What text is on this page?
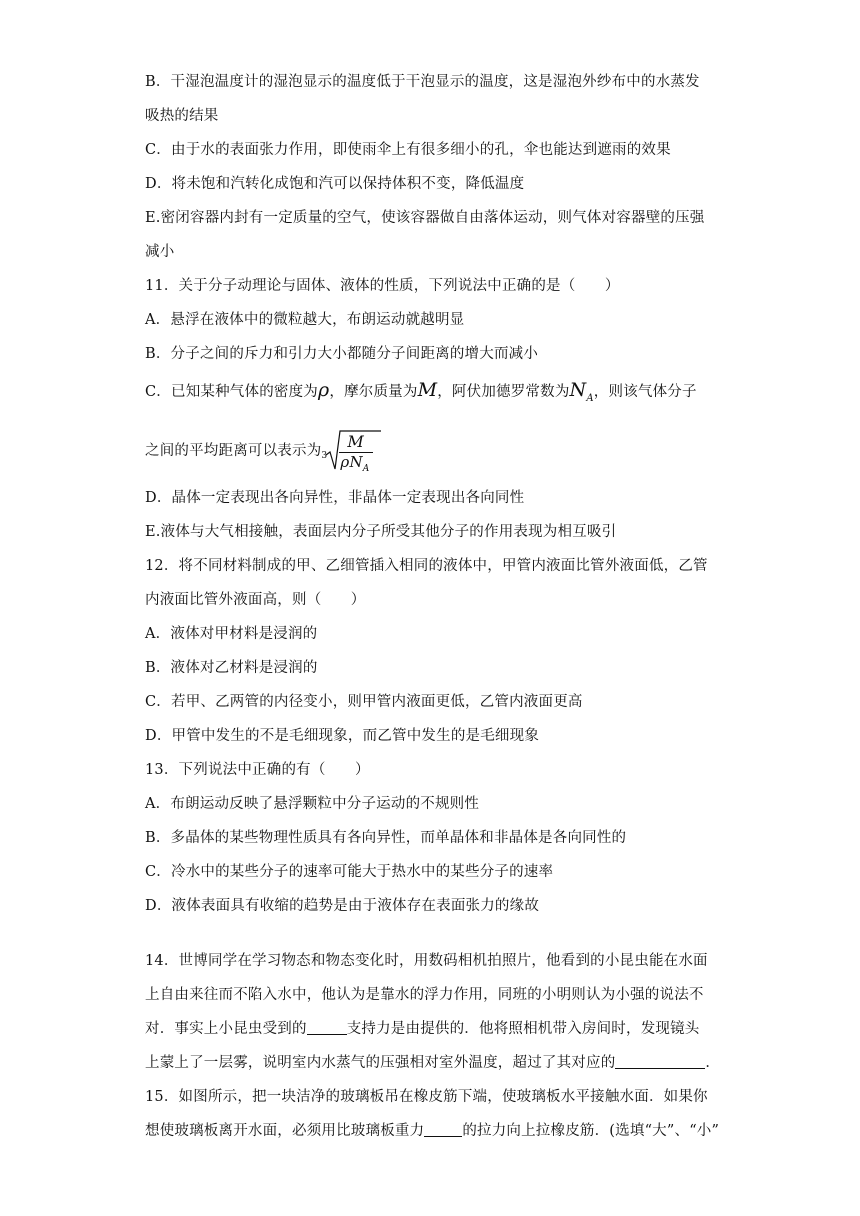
B．干湿泡温度计的湿泡显示的温度低于干泡显示的温度，这是湿泡外纱布中的水蒸发
吸热的结果
C．由于水的表面张力作用，即使雨伞上有很多细小的孔，伞也能达到遮雨的效果
D．将未饱和汽转化成饱和汽可以保持体积不变，降低温度
E.密闭容器内封有一定质量的空气，使该容器做自由落体运动，则气体对容器壁的压强
减小
11．关于分子动理论与固体、液体的性质，下列说法中正确的是（　　）
A．悬浮在液体中的微粒越大，布朗运动就越明显
B．分子之间的斥力和引力大小都随分子间距离的增大而减小
C．已知某种气体的密度为ρ，摩尔质量为M，阿伏加德罗常数为$N_A$，则该气体分子
之间的平均距离可以表示为 3
M
$\rho N_A$
D．晶体一定表现出各向异性，非晶体一定表现出各向同性
E.液体与大气相接触，表面层内分子所受其他分子的作用表现为相互吸引
12．将不同材料制成的甲、乙细管插入相同的液体中，甲管内液面比管外液面低，乙管
内液面比管外液面高，则（　　）
A．液体对甲材料是浸润的
B．液体对乙材料是浸润的
C．若甲、乙两管的内径变小，则甲管内液面更低，乙管内液面更高
D．甲管中发生的不是毛细现象，而乙管中发生的是毛细现象
13．下列说法中正确的有（　　）
A．布朗运动反映了悬浮颗粒中分子运动的不规则性
B．多晶体的某些物理性质具有各向异性，而单晶体和非晶体是各向同性的
C．冷水中的某些分子的速率可能大于热水中的某些分子的速率
D．液体表面具有收缩的趋势是由于液体存在表面张力的缘故
14．世博同学在学习物态和物态变化时，用数码相机拍照片，他看到的小昆虫能在水面
上自由来往而不陷入水中，他认为是靠水的浮力作用，同班的小明则认为小强的说法不
对．事实上小昆虫受到的	支持力是由提供的．他将照相机带入房间时，发现镜头
上蒙上了一层雾，说明室内水蒸气的压强相对室外温度，超过了其对应的	．
15．如图所示，把一块洁净的玻璃板吊在橡皮筋下端，使玻璃板水平接触水面．如果你
想使玻璃板离开水面，必须用比玻璃板重力	的拉力向上拉橡皮筋．(选填“大”、“小”
